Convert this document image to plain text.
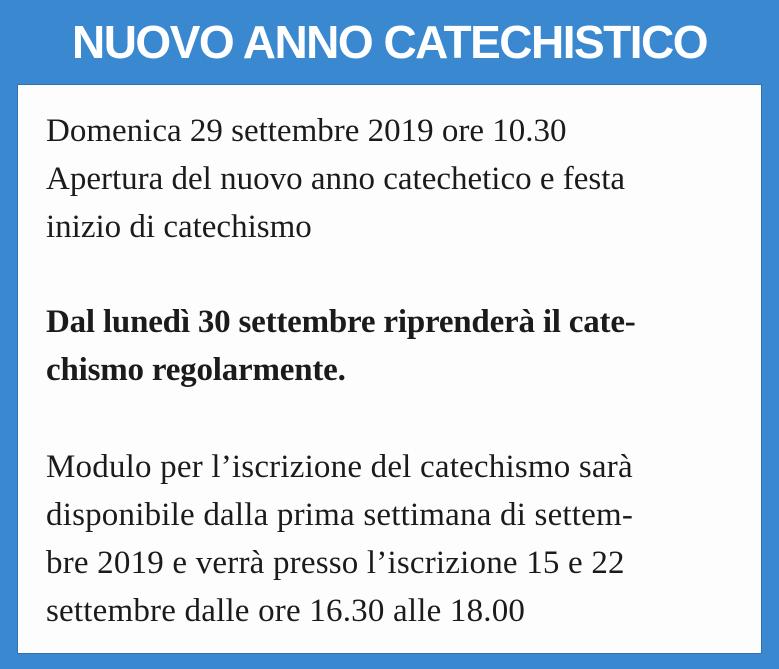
NUOVO ANNO CATECHISTICO
Domenica 29 settembre 2019 ore 10.30
Apertura del nuovo anno catechetico e festa
inizio di catechismo
Dal lunedì 30 settembre riprenderà il cate-
chismo regolarmente.
Modulo per l’iscrizione del catechismo sarà
disponibile dalla prima settimana di settem-
bre 2019 e verrà presso l’iscrizione 15 e 22
settembre dalle ore 16.30 alle 18.00
